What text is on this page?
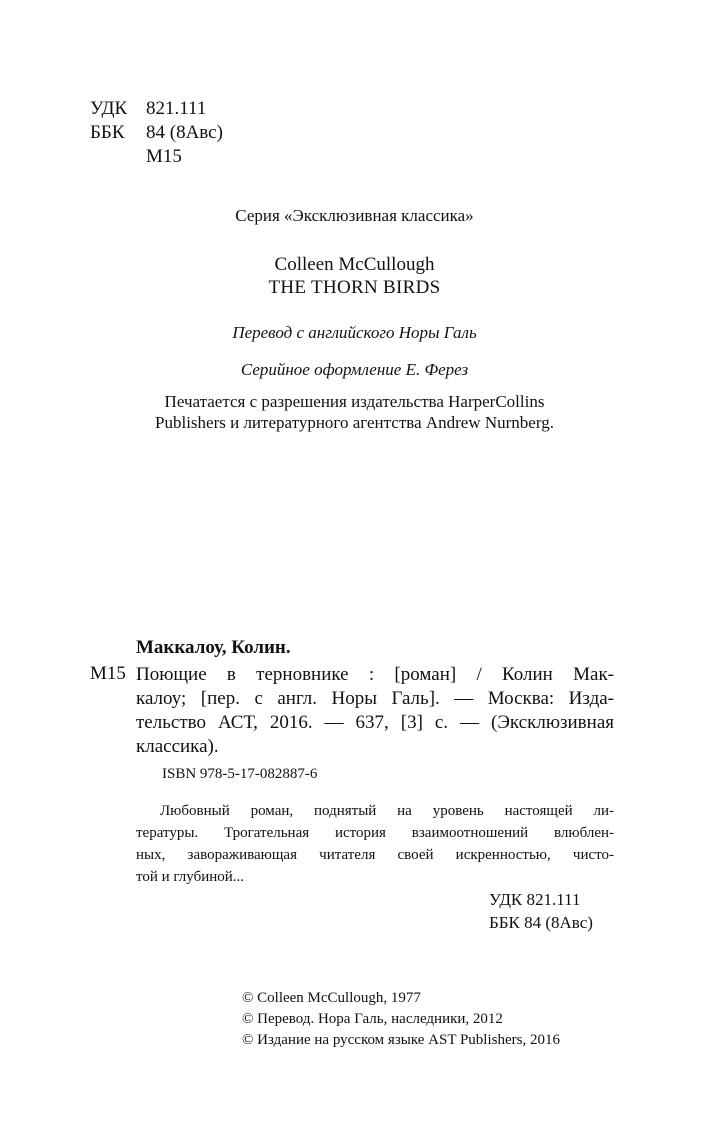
УДК 821.111
ББК 84 (8Авс)
М15
Серия «Эксклюзивная классика»
Colleen McCullough
THE THORN BIRDS
Перевод с английского Норы Галь
Серийное оформление Е. Ферез
Печатается с разрешения издательства HarperCollins
Publishers и литературного агентства Andrew Nurnberg.
Маккалоу, Колин.
М15 Поющие в терновнике : [роман] / Колин Мак-
калоу; [пер. с англ. Норы Галь]. — Москва: Изда-
тельство АСТ, 2016. — 637, [3] с. — (Эксклюзивная
классика).
ISBN 978-5-17-082887-6
Любовный роман, поднятый на уровень настоящей ли-
тературы. Трогательная история взаимоотношений влюблен-
ных, завораживающая читателя своей искренностью, чисто-
той и глубиной...
УДК 821.111
ББК 84 (8Авс)
© Colleen McCullough, 1977
© Перевод. Нора Галь, наследники, 2012
© Издание на русском языке AST Publishers, 2016
